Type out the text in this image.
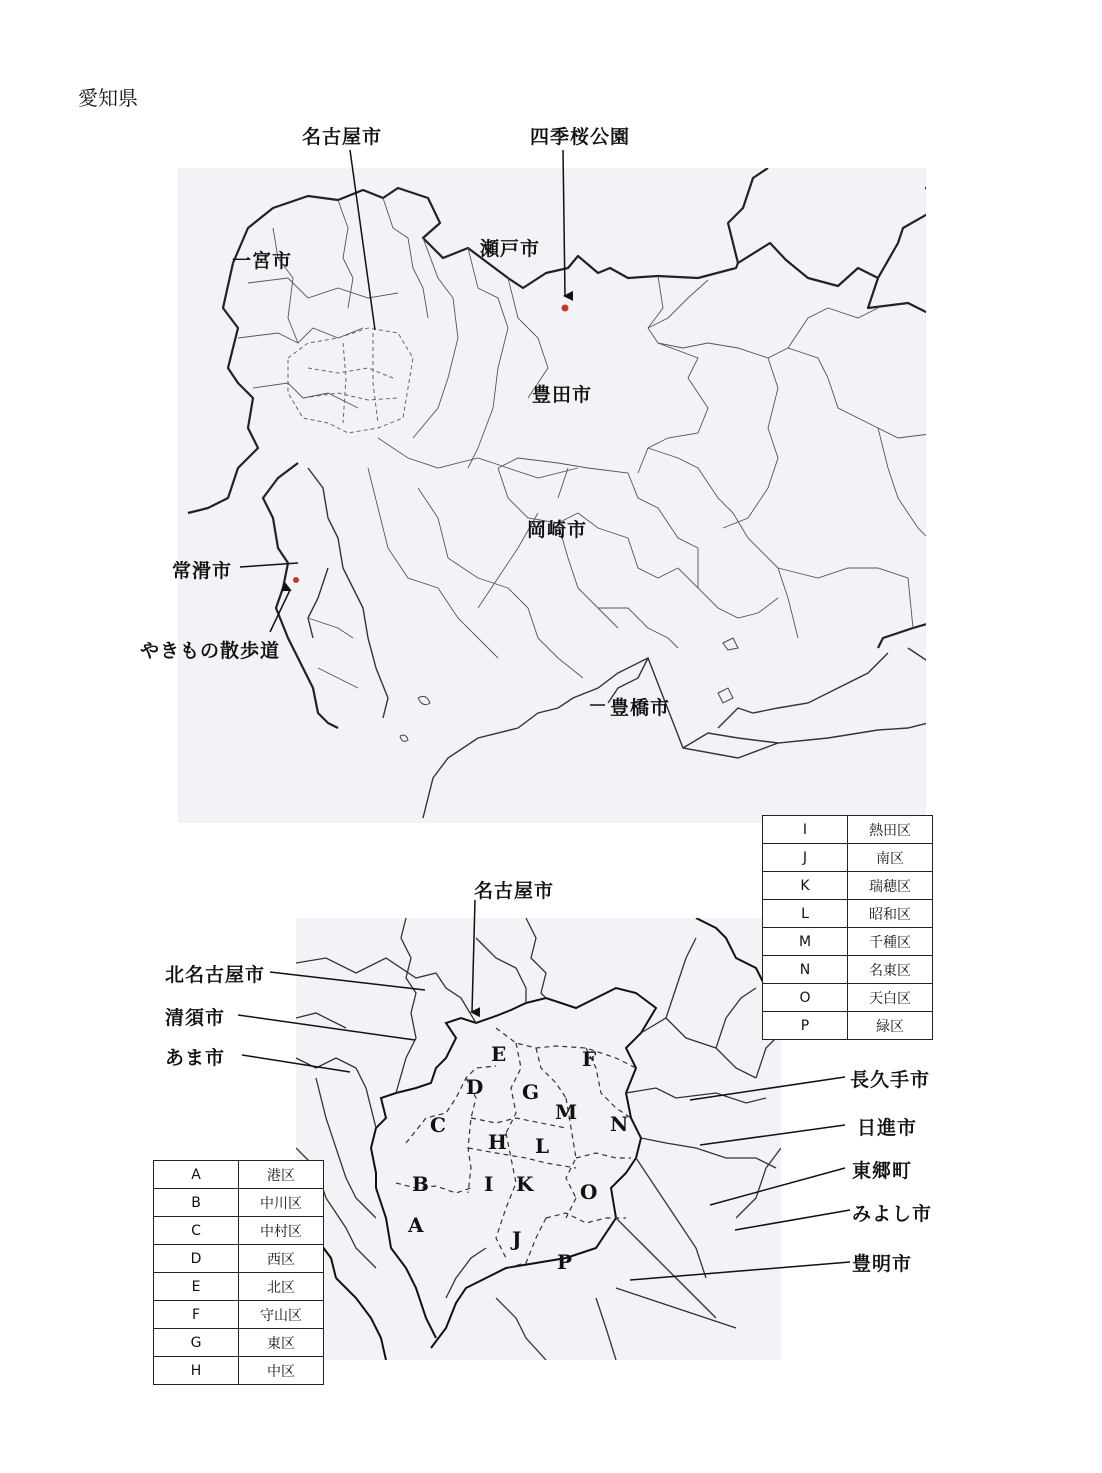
愛知県
名古屋市	四季桜公園
一宮市
瀬戸市
豊田市
岡崎市
常滑市
やきもの散歩道
豊橋市
名古屋市
北名古屋市
清須市
あま市
長久手市
日進市
東郷町
みよし市
豊明市
A
B
C
D
E	F
G
H
I
J
K
L
M N
O
P
A	港区
B	中川区
C	中村区
D	西区
E	北区
F	守山区
G	東区
H	中区
I	熱田区
J	南区
K	瑞穂区
L	昭和区
M	千種区
N	名東区
O	天白区
P	緑区
